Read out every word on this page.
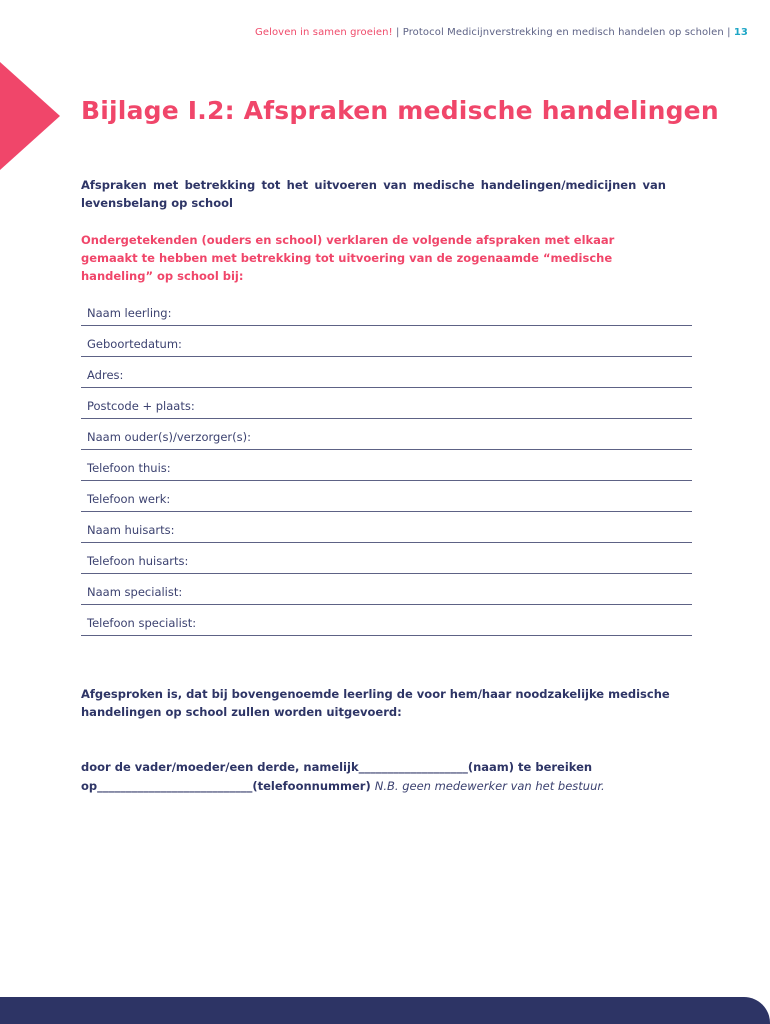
Geloven in samen groeien! | Protocol Medicijnverstrekking en medisch handelen op scholen | 13
Bijlage I.2: Afspraken medische handelingen

Afspraken met betrekking tot het uitvoeren van medische handelingen/medicijnen van levensbelang op school

Ondergetekenden (ouders en school) verklaren de volgende afspraken met elkaar gemaakt te hebben met betrekking tot uitvoering van de zogenaamde “medische handeling” op school bij:

Naam leerling:
Geboortedatum:
Adres:
Postcode + plaats:
Naam ouder(s)/verzorger(s):
Telefoon thuis:
Telefoon werk:
Naam huisarts:
Telefoon huisarts:
Naam specialist:
Telefoon specialist:

Afgesproken is, dat bij bovengenoemde leerling de voor hem/haar noodzakelijke medische handelingen op school zullen worden uitgevoerd:

door de vader/moeder/een derde, namelijk___________________(naam) te bereiken
op___________________________(telefoonnummer) N.B. geen medewerker van het bestuur.
